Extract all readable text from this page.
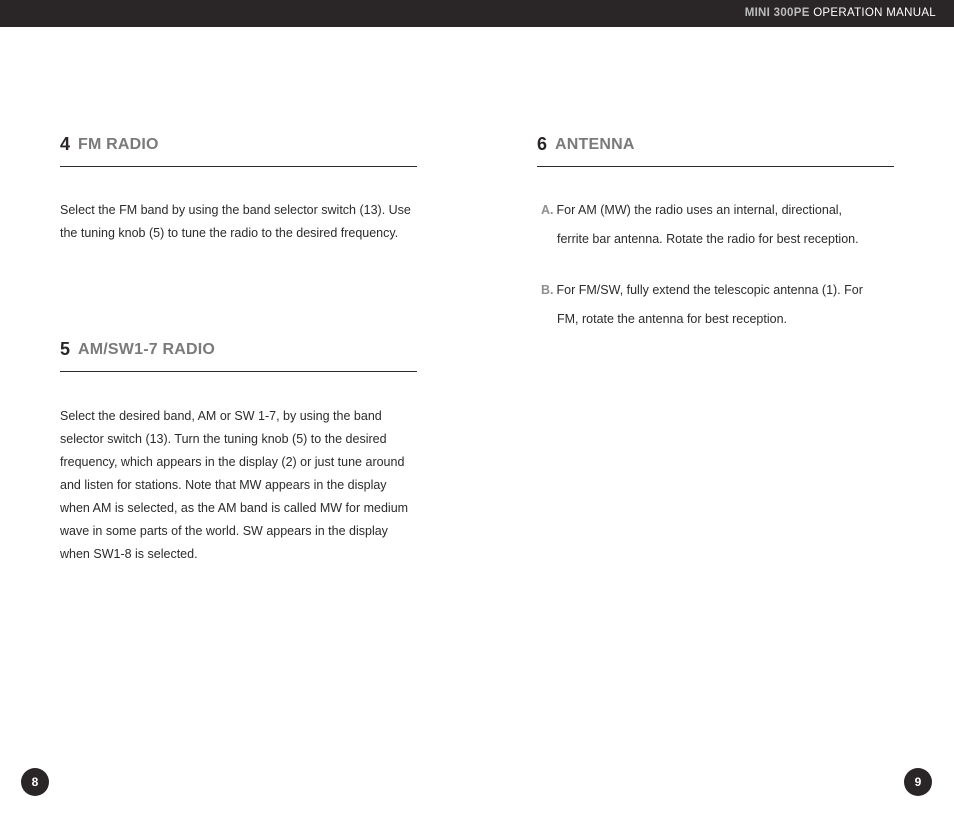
MINI 300PE OPERATION MANUAL
4 FM RADIO

Select the FM band by using the band selector switch (13). Use the tuning knob (5) to tune the radio to the desired frequency.

5 AM/SW1-7 RADIO

Select the desired band, AM or SW 1-7, by using the band selector switch (13). Turn the tuning knob (5) to the desired frequency, which appears in the display (2) or just tune around and listen for stations. Note that MW appears in the display when AM is selected, as the AM band is called MW for medium wave in some parts of the world. SW appears in the display when SW1-8 is selected.

6 ANTENNA
A. For AM (MW) the radio uses an internal, directional,
ferrite bar antenna. Rotate the radio for best reception.
B. For FM/SW, fully extend the telescopic antenna (1). For
FM, rotate the antenna for best reception.
8	9
